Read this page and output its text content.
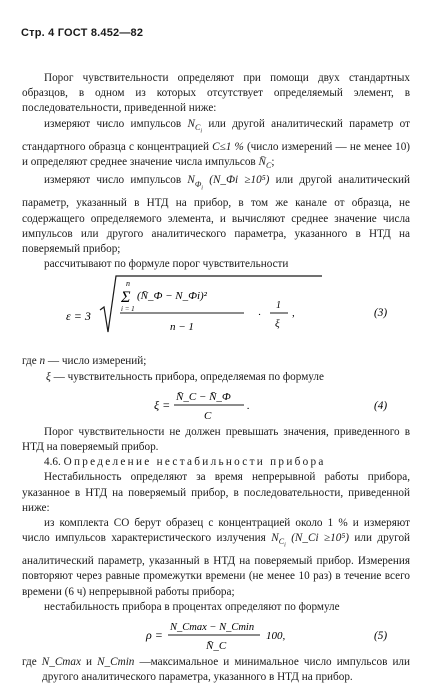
Стр. 4 ГОСТ 8.452—82

Порог чувствительности определяют при помощи двух стандартных образцов, в одном из которых отсутствует определяемый элемент, в последовательности, приведенной ниже:

измеряют число импульсов $N_{C_i}$ или другой аналитический параметр от стандартного образца с концентрацией C≤1 % (число измерений — не менее 10) и определяют среднее значение числа импульсов $N̄_C$;

измеряют число импульсов $N_{Ф_i}$ (N_Фi ≥10⁵) или другой аналитический параметр, указанный в НТД на прибор, в том же канале от образца, не содержащего определяемого элемента, и вычисляют среднее значение числа импульсов или другого аналитического параметра, указанного в НТД на поверяемый прибор;

рассчитывают по формуле порог чувствительности

ε = 3
n
Σ
i = 1
(N̄_Ф − N_Фi)²
n − 1
·
1
ξ
,	(3)

где n — число измерений;

ξ — чувствительность прибора, определяемая по формуле

ξ =
N̄_C − N̄_Ф
C
.	(4)

Порог чувствительности не должен превышать значения, приведенного в НТД на поверяемый прибор.

4.6. Определение нестабильности прибора

Нестабильность определяют за время непрерывной работы прибора, указанное в НТД на поверяемый прибор, в последовательности, приведенной ниже:

из комплекта СО берут образец с концентрацией около 1 % и измеряют число импульсов характеристического излучения $N_{C_i}$ (N_Ci ≥10⁵) или другой аналитический параметр, указанный в НТД на поверяемый прибор. Измерения повторяют через равные промежутки времени (не менее 10 раз) в течение всего времени (6 ч) непрерывной работы прибора;

нестабильность прибора в процентах определяют по формуле

ρ =
N_Cmax − N_Cmin
N̄_C
100,	(5)

где N_Cmax и N_Cmin —максимальное и минимальное число импульсов или другого аналитического параметра, указанного в НТД на прибор.
